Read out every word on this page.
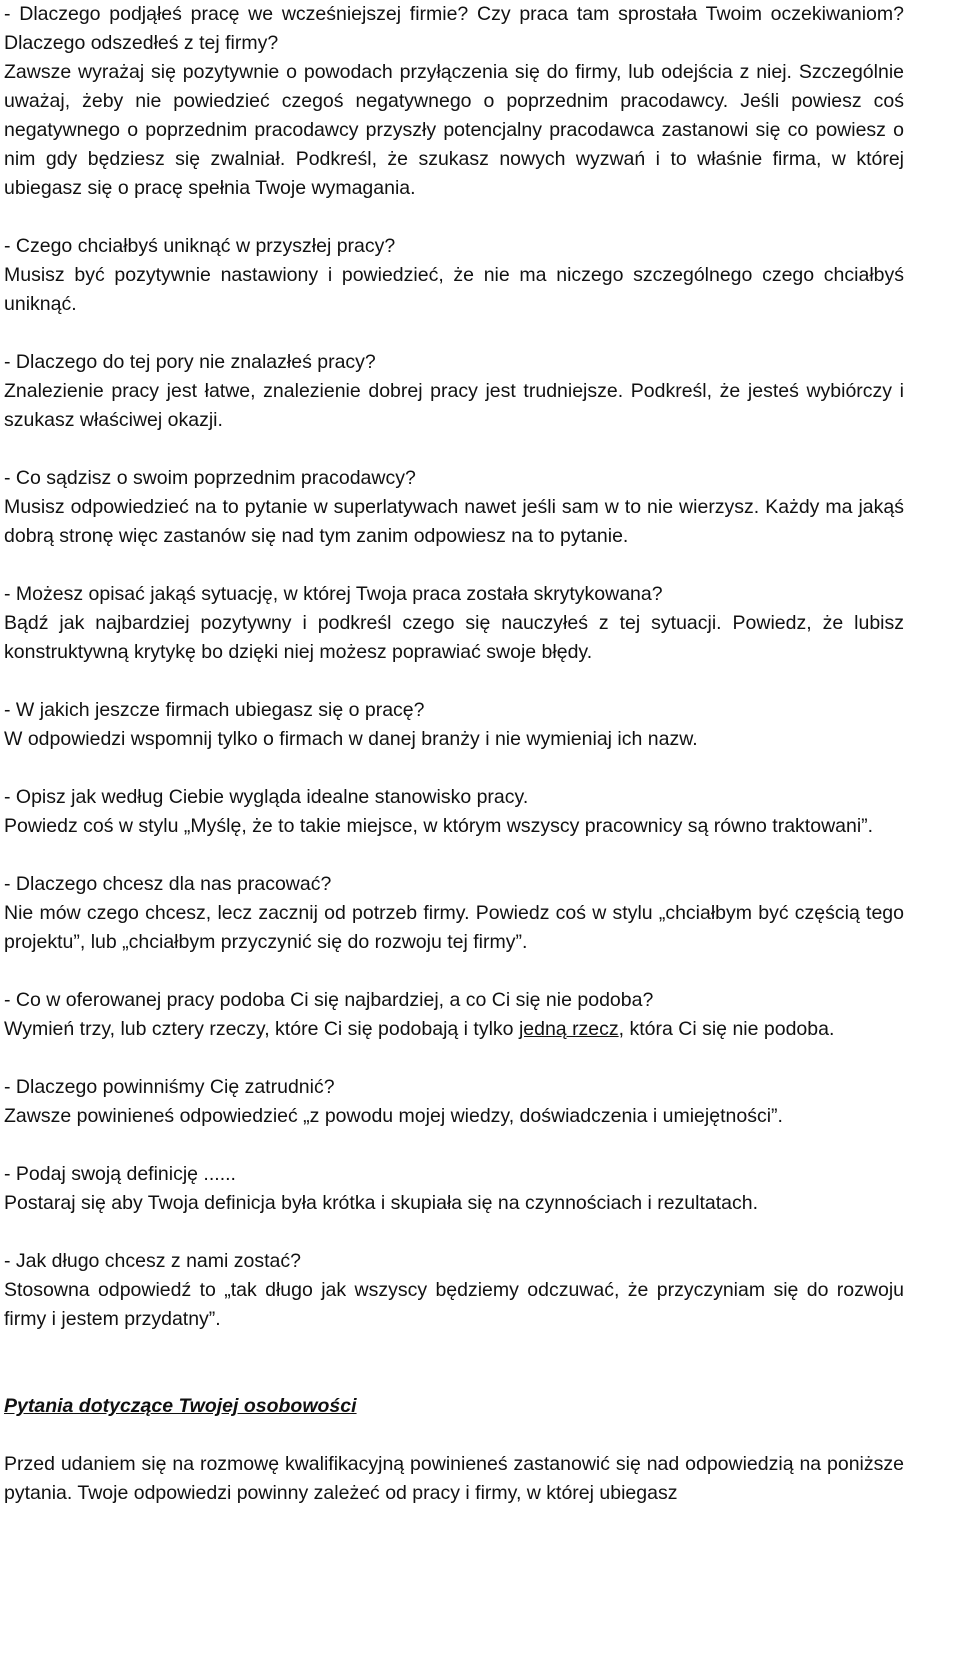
- Dlaczego podjąłeś pracę we wcześniejszej firmie? Czy praca tam sprostała Twoim oczekiwaniom? Dlaczego odszedłeś z tej firmy?

Zawsze wyrażaj się pozytywnie o powodach przyłączenia się do firmy, lub odejścia z niej. Szczególnie uważaj, żeby nie powiedzieć czegoś negatywnego o poprzednim pracodawcy. Jeśli powiesz coś negatywnego o poprzednim pracodawcy przyszły potencjalny pracodawca zastanowi się co powiesz o nim gdy będziesz się zwalniał. Podkreśl, że szukasz nowych wyzwań i to właśnie firma, w której ubiegasz się o pracę spełnia Twoje wymagania.

- Czego chciałbyś uniknąć w przyszłej pracy?

Musisz być pozytywnie nastawiony i powiedzieć, że nie ma niczego szczególnego czego chciałbyś uniknąć.

- Dlaczego do tej pory nie znalazłeś pracy?

Znalezienie pracy jest łatwe, znalezienie dobrej pracy jest trudniejsze. Podkreśl, że jesteś wybiórczy i szukasz właściwej okazji.

- Co sądzisz o swoim poprzednim pracodawcy?

Musisz odpowiedzieć na to pytanie w superlatywach nawet jeśli sam w to nie wierzysz. Każdy ma jakąś dobrą stronę więc zastanów się nad tym zanim odpowiesz na to pytanie.

- Możesz opisać jakąś sytuację, w której Twoja praca została skrytykowana?

Bądź jak najbardziej pozytywny i podkreśl czego się nauczyłeś z tej sytuacji. Powiedz, że lubisz konstruktywną krytykę bo dzięki niej możesz poprawiać swoje błędy.

- W jakich jeszcze firmach ubiegasz się o pracę?

W odpowiedzi wspomnij tylko o firmach w danej branży i nie wymieniaj ich nazw.

- Opisz jak według Ciebie wygląda idealne stanowisko pracy.

Powiedz coś w stylu „Myślę, że to takie miejsce, w którym wszyscy pracownicy są równo traktowani”.

- Dlaczego chcesz dla nas pracować?

Nie mów czego chcesz, lecz zacznij od potrzeb firmy. Powiedz coś w stylu „chciałbym być częścią tego projektu”, lub „chciałbym przyczynić się do rozwoju tej firmy”.

- Co w oferowanej pracy podoba Ci się najbardziej, a co Ci się nie podoba?

Wymień trzy, lub cztery rzeczy, które Ci się podobają i tylko jedną rzecz, która Ci się nie podoba.

- Dlaczego powinniśmy Cię zatrudnić?

Zawsze powinieneś odpowiedzieć „z powodu mojej wiedzy, doświadczenia i umiejętności”.

- Podaj swoją definicję ......

Postaraj się aby Twoja definicja była krótka i skupiała się na czynnościach i rezultatach.

- Jak długo chcesz z nami zostać?

Stosowna odpowiedź to „tak długo jak wszyscy będziemy odczuwać, że przyczyniam się do rozwoju firmy i jestem przydatny”.

Pytania dotyczące Twojej osobowości

Przed udaniem się na rozmowę kwalifikacyjną powinieneś zastanowić się nad odpowiedzią na poniższe pytania. Twoje odpowiedzi powinny zależeć od pracy i firmy, w której ubiegasz
